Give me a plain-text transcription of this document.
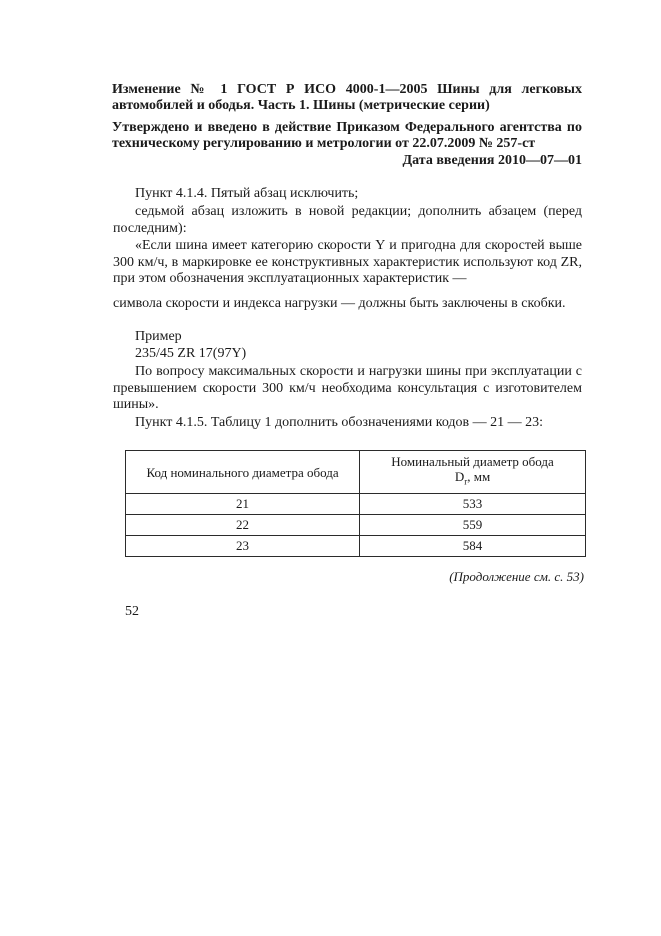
Изменение № 1 ГОСТ Р ИСО 4000-1—2005 Шины для легковых автомобилей и ободья. Часть 1. Шины (метрические серии)
Утверждено и введено в действие Приказом Федерального агентства по техническому регулированию и метрологии от 22.07.2009 № 257-ст
Дата введения 2010—07—01
Пункт 4.1.4. Пятый абзац исключить;
седьмой абзац изложить в новой редакции; дополнить абзацем (перед последним):
«Если шина имеет категорию скорости Y и пригодна для скоростей выше 300 км/ч, в маркировке ее конструктивных характеристик используют код ZR, при этом обозначения эксплуатационных характеристик —
символа скорости и индекса нагрузки — должны быть заключены в скобки.
Пример
235/45 ZR 17(97Y)
По вопросу максимальных скорости и нагрузки шины при эксплуатации с превышением скорости 300 км/ч необходима консультация с изготовителем шины».
Пункт 4.1.5. Таблицу 1 дополнить обозначениями кодов — 21 — 23:
Код номинального диаметра обода	Номинальный диаметр обода
$D_r$, мм
21	533
22	559
23	584
(Продолжение см. с. 53)
52
